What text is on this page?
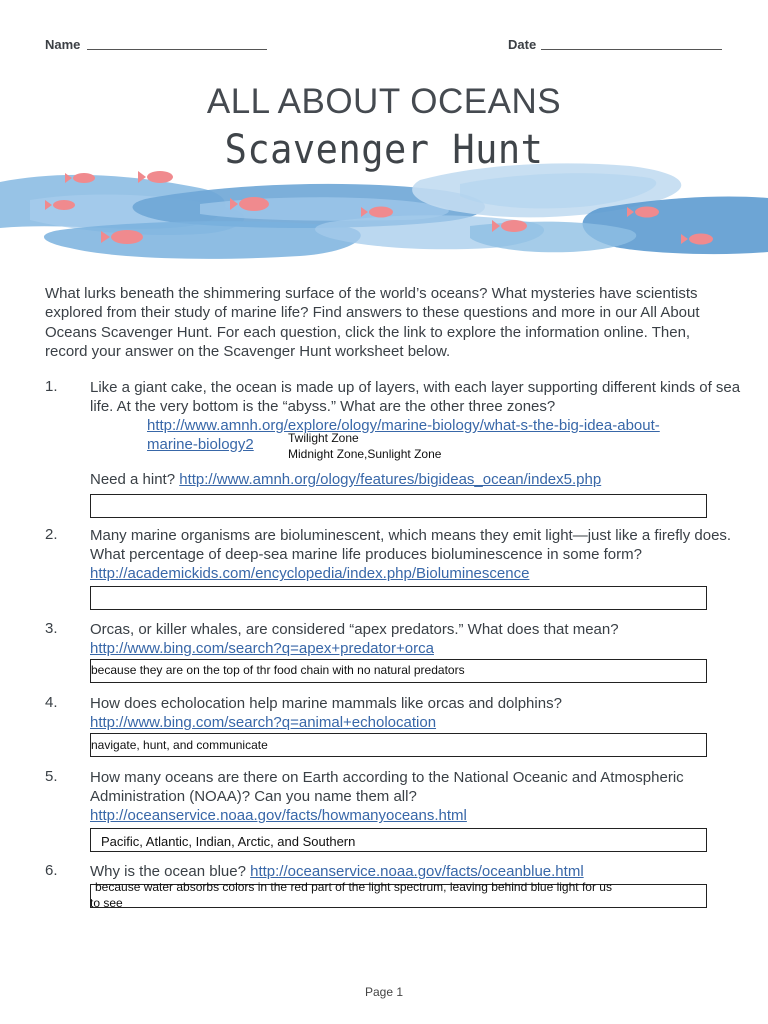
Name	Date
ALL ABOUT OCEANS
Scavenger Hunt
What lurks beneath the shimmering surface of the world’s oceans? What mysteries have scientists explored from their study of marine life? Find answers to these questions and more in our All About Oceans Scavenger Hunt. For each question, click the link to explore the information online. Then, record your answer on the Scavenger Hunt worksheet below.
1. Like a giant cake, the ocean is made up of layers, with each layer supporting different kinds of sea life. At the very bottom is the “abyss.” What are the other three zones?
http://www.amnh.org/explore/ology/marine-biology/what-s-the-big-idea-about-marine-biology2	Twilight Zone
Midnight Zone,Sunlight Zone
Need a hint? http://www.amnh.org/ology/features/bigideas_ocean/index5.php
2. Many marine organisms are bioluminescent, which means they emit light—just like a firefly does. What percentage of deep-sea marine life produces bioluminescence in some form? http://academickids.com/encyclopedia/index.php/Bioluminescence
3. Orcas, or killer whales, are considered “apex predators.” What does that mean?
http://www.bing.com/search?q=apex+predator+orca
because they are on the top of thr food chain with no natural predators
4. How does echolocation help marine mammals like orcas and dolphins?
http://www.bing.com/search?q=animal+echolocation
navigate, hunt, and communicate
5. How many oceans are there on Earth according to the National Oceanic and Atmospheric Administration (NOAA)? Can you name them all?
http://oceanservice.noaa.gov/facts/howmanyoceans.html
Pacific, Atlantic, Indian, Arctic, and Southern
6. Why is the ocean blue? http://oceanservice.noaa.gov/facts/oceanblue.html
because water absorbs colors in the red part of the light spectrum, leaving behind blue light for us
to see
Page 1
